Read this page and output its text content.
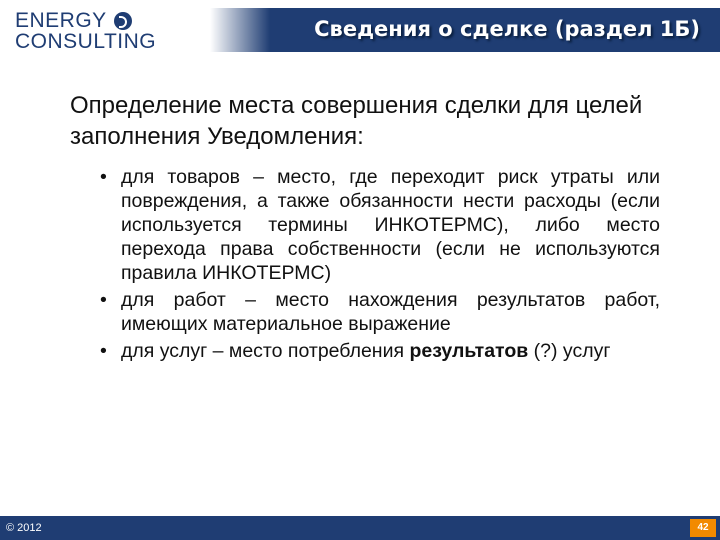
ENERGY
CONSULTING
Сведения о сделке (раздел 1Б)
Определение места совершения сделки для целей заполнения Уведомления:
• для товаров – место, где переходит риск утраты или повреждения, а также обязанности нести расходы (если используется термины ИНКОТЕРМС), либо место перехода права собственности (если не используются правила ИНКОТЕРМС)
• для работ – место нахождения результатов работ, имеющих материальное выражение
• для услуг – место потребления результатов (?) услуг
© 2012	42
